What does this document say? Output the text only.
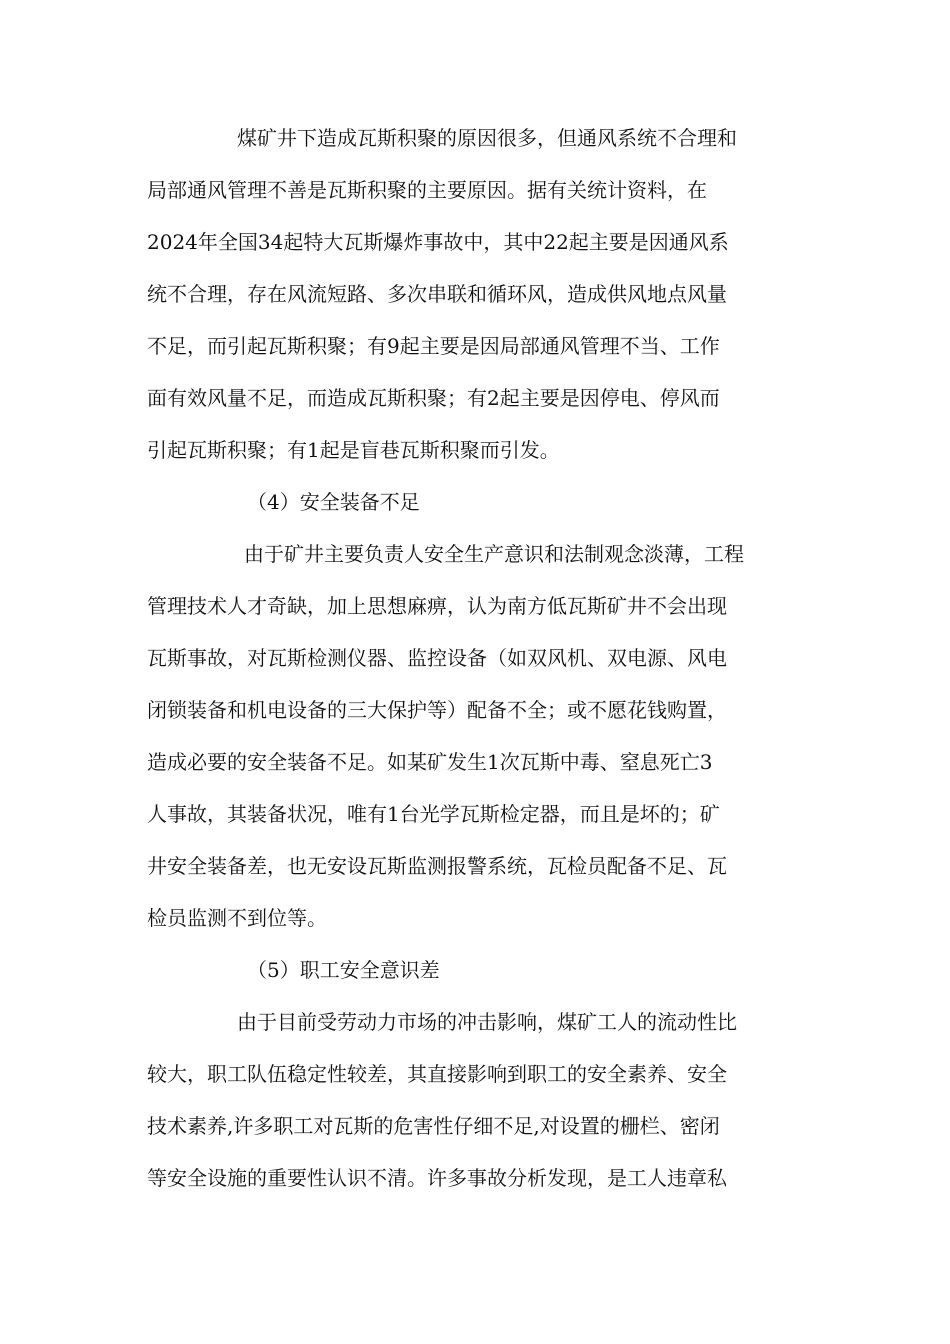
煤矿井下造成瓦斯积聚的原因很多，但通风系统不合理和
局部通风管理不善是瓦斯积聚的主要原因。据有关统计资料，在
2024年全国34起特大瓦斯爆炸事故中，其中22起主要是因通风系
统不合理，存在风流短路、多次串联和循环风，造成供风地点风量
不足，而引起瓦斯积聚；有9起主要是因局部通风管理不当、工作
面有效风量不足，而造成瓦斯积聚；有2起主要是因停电、停风而
引起瓦斯积聚；有1起是盲巷瓦斯积聚而引发。
（4）安全装备不足
由于矿井主要负责人安全生产意识和法制观念淡薄，工程
管理技术人才奇缺，加上思想麻痹，认为南方低瓦斯矿井不会出现
瓦斯事故，对瓦斯检测仪器、监控设备（如双风机、双电源、风电
闭锁装备和机电设备的三大保护等）配备不全；或不愿花钱购置，
造成必要的安全装备不足。如某矿发生1次瓦斯中毒、窒息死亡3
人事故，其装备状况，唯有1台光学瓦斯检定器，而且是坏的；矿
井安全装备差，也无安设瓦斯监测报警系统，瓦检员配备不足、瓦
检员监测不到位等。
（5）职工安全意识差
由于目前受劳动力市场的冲击影响，煤矿工人的流动性比
较大，职工队伍稳定性较差，其直接影响到职工的安全素养、安全
技术素养,许多职工对瓦斯的危害性仔细不足,对设置的栅栏、密闭
等安全设施的重要性认识不清。许多事故分析发现，是工人违章私
